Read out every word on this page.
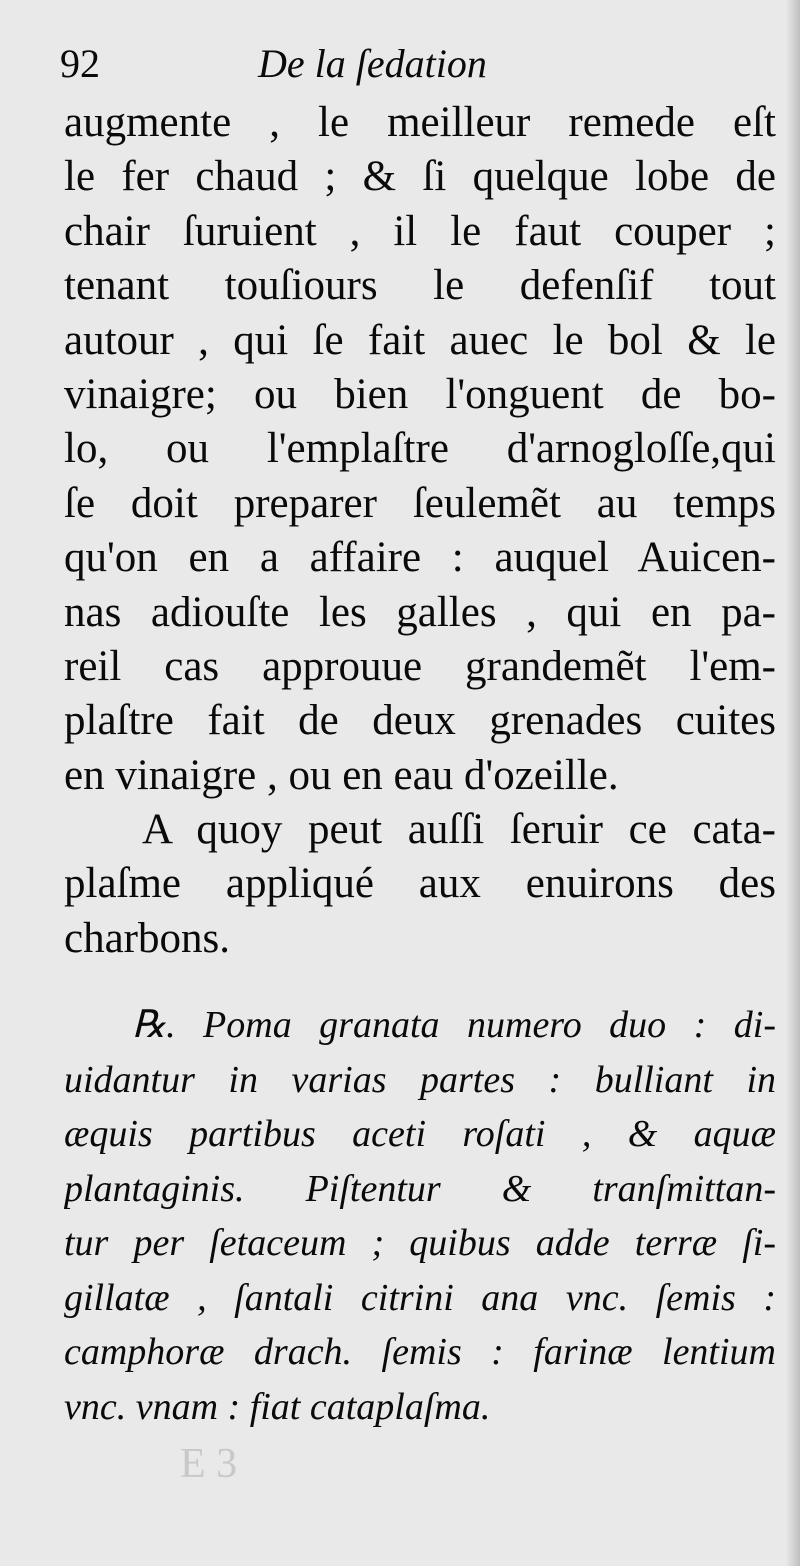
92	De la ſedation
augmente , le meilleur remede eſt
le fer chaud ; & ſi quelque lobe de
chair ſuruient , il le faut couper ;
tenant touſiours le defenſif tout
autour , qui ſe fait auec le bol & le
vinaigre; ou bien l'onguent de bo-
lo, ou l'emplaſtre d'arnogloſſe,qui
ſe doit preparer ſeulemẽt au temps
qu'on en a affaire : auquel Auicen-
nas adiouſte les galles , qui en pa-
reil cas approuue grandemẽt l'em-
plaſtre fait de deux grenades cuites
en vinaigre , ou en eau d'ozeille.
A quoy peut auſſi ſeruir ce cata-
plaſme appliqué aux enuirons des
charbons.
℞. Poma granata numero duo : di-
uidantur in varias partes : bulliant in
æquis partibus aceti roſati , & aquæ
plantaginis. Piſtentur & tranſmittan-
tur per ſetaceum ; quibus adde terræ ſi-
gillatæ , ſantali citrini ana vnc. ſemis :
camphoræ drach. ſemis : farinæ lentium
vnc. vnam : fiat cataplaſma.
E 3
